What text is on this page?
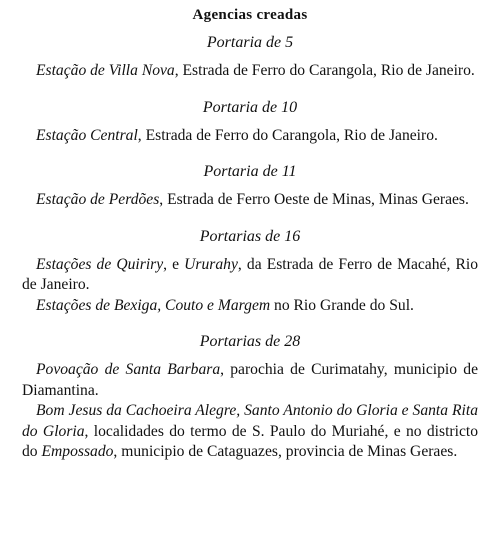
Agencias creadas
Portaria de 5

Estação de Villa Nova, Estrada de Ferro do Carangola, Rio de Janeiro.

Portaria de 10

Estação Central, Estrada de Ferro do Carangola, Rio de Janeiro.

Portaria de 11

Estação de Perdões, Estrada de Ferro Oeste de Minas, Minas Geraes.

Portarias de 16

Estações de Quiriry, e Ururahy, da Estrada de Ferro de Macahé, Rio de Janeiro.

Estações de Bexiga, Couto e Margem no Rio Grande do Sul.

Portarias de 28

Povoação de Santa Barbara, parochia de Curimatahy, municipio de Diamantina.

Bom Jesus da Cachoeira Alegre, Santo Antonio do Gloria e Santa Rita do Gloria, localidades do termo de S. Paulo do Muriahé, e no districto do Empossado, municipio de Cataguazes, provincia de Minas Geraes.
